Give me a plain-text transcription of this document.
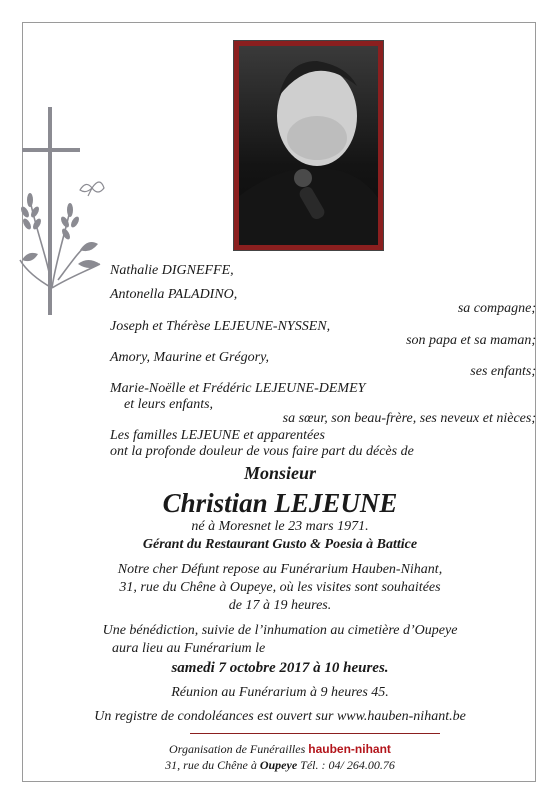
Nathalie DIGNEFFE,
Antonella PALADINO,
sa compagne;
Joseph et Thérèse LEJEUNE-NYSSEN,
son papa et sa maman;
Amory, Maurine et Grégory,
ses enfants;
Marie-Noëlle et Frédéric LEJEUNE-DEMEY
et leurs enfants,
sa sœur, son beau-frère, ses neveux et nièces;
Les familles LEJEUNE et apparentées
ont la profonde douleur de vous faire part du décès de
Monsieur
Christian LEJEUNE
né à Moresnet le 23 mars 1971.
Gérant du Restaurant Gusto & Poesia à Battice
Notre cher Défunt repose au Funérarium Hauben-Nihant,
31, rue du Chêne à Oupeye, où les visites sont souhaitées
de 17 à 19 heures.
Une bénédiction, suivie de l’inhumation au cimetière d’Oupeye
aura lieu au Funérarium le
samedi 7 octobre 2017 à 10 heures.
Réunion au Funérarium à 9 heures 45.
Un registre de condoléances est ouvert sur www.hauben-nihant.be
Organisation de Funérailles hauben-nihant
31, rue du Chêne à Oupeye Tél. : 04/ 264.00.76
